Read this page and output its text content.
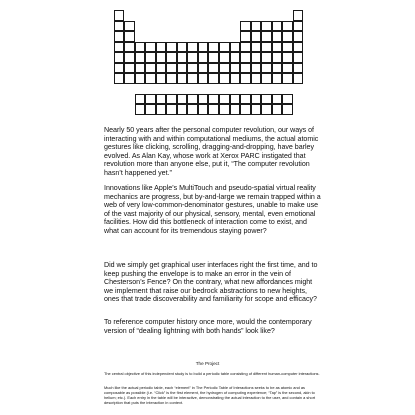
Nearly 50 years after the personal computer revolution, our ways of interacting with and within computational mediums, the actual atomic gestures like clicking, scrolling, dragging-and-dropping, have barley evolved. As Alan Kay, whose work at Xerox PARC instigated that revolution more than anyone else, put it, “The computer revolution hasn’t happened yet.”

Innovations like Apple’s MultiTouch and pseudo-spatial virtual reality mechanics are progress, but by-and-large we remain trapped within a web of very low-common-denominator gestures, unable to make use of the vast majority of our physical, sensory, mental, even emotional facilities. How did this bottleneck of interaction come to exist, and what can account for its tremendous staying power?

Did we simply get graphical user interfaces right the first time, and to keep pushing the envelope is to make an error in the vein of Chesterson’s Fence? On the contrary, what new affordances might we implement that raise our bedrock abstractions to new heights, ones that trade discoverability and familiarity for scope and efficacy?

To reference computer history once more, would the contemporary version of “dealing lightning with both hands” look like?

The Project

The central objective of this independent study is to build a periodic table consisting of different human-computer interactions.

Much like the actual periodic table, each “element” in The Periodic Table of Interactions seeks to be as atomic and as composable as possible (i.e. “Click” is the first element, the hydrogen of computing experience; “Tap” is the second, akin to helium; etc.). Each entry in the table will be interactive, demonstrating the actual interaction to the user, and contain a short description that puts the interaction in context.
